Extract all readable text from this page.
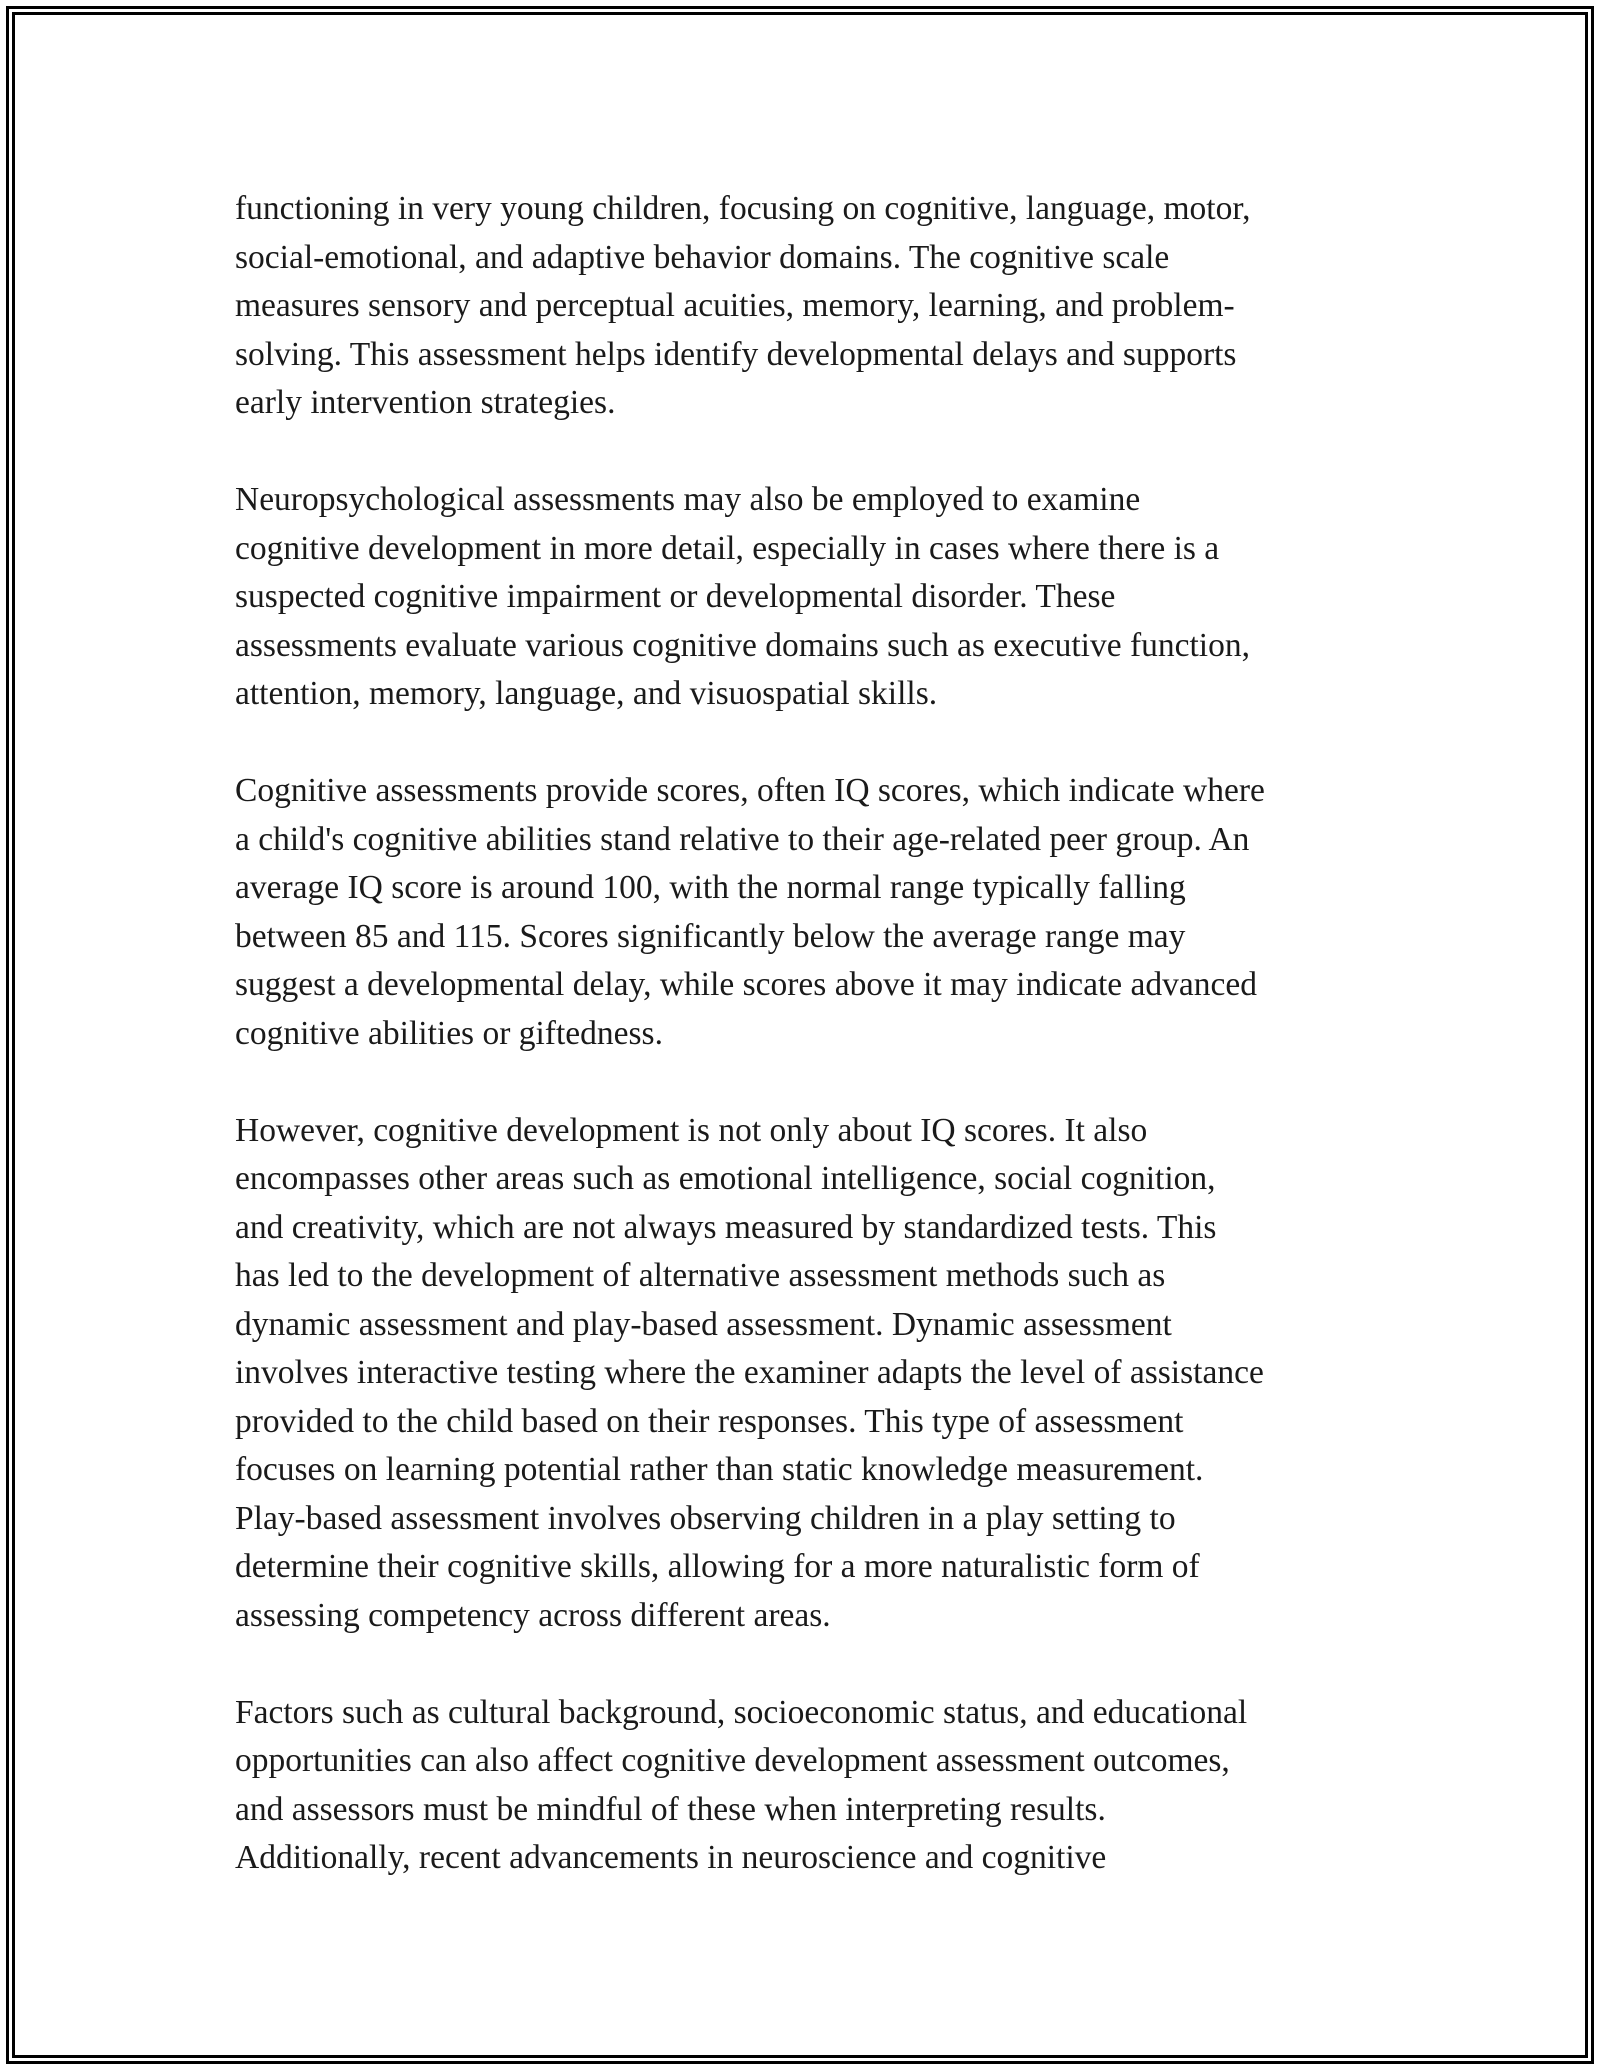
functioning in very young children, focusing on cognitive, language, motor,
social-emotional, and adaptive behavior domains. The cognitive scale
measures sensory and perceptual acuities, memory, learning, and problem-
solving. This assessment helps identify developmental delays and supports
early intervention strategies.

Neuropsychological assessments may also be employed to examine
cognitive development in more detail, especially in cases where there is a
suspected cognitive impairment or developmental disorder. These
assessments evaluate various cognitive domains such as executive function,
attention, memory, language, and visuospatial skills.

Cognitive assessments provide scores, often IQ scores, which indicate where
a child's cognitive abilities stand relative to their age-related peer group. An
average IQ score is around 100, with the normal range typically falling
between 85 and 115. Scores significantly below the average range may
suggest a developmental delay, while scores above it may indicate advanced
cognitive abilities or giftedness.

However, cognitive development is not only about IQ scores. It also
encompasses other areas such as emotional intelligence, social cognition,
and creativity, which are not always measured by standardized tests. This
has led to the development of alternative assessment methods such as
dynamic assessment and play-based assessment. Dynamic assessment
involves interactive testing where the examiner adapts the level of assistance
provided to the child based on their responses. This type of assessment
focuses on learning potential rather than static knowledge measurement.
Play-based assessment involves observing children in a play setting to
determine their cognitive skills, allowing for a more naturalistic form of
assessing competency across different areas.

Factors such as cultural background, socioeconomic status, and educational
opportunities can also affect cognitive development assessment outcomes,
and assessors must be mindful of these when interpreting results.
Additionally, recent advancements in neuroscience and cognitive
